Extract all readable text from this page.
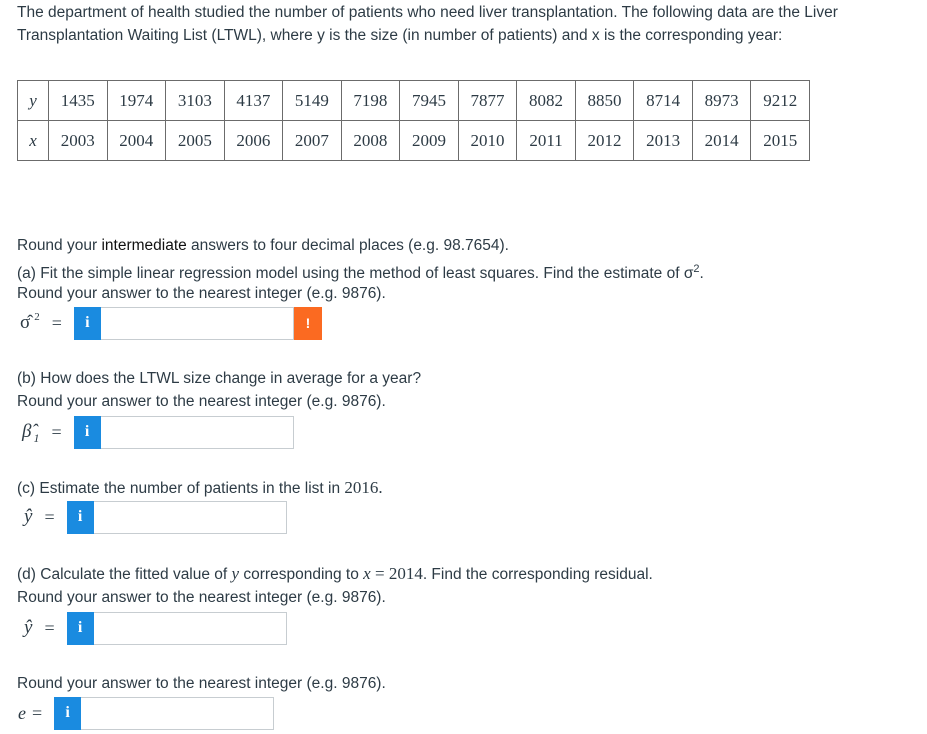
The department of health studied the number of patients who need liver transplantation. The following data are the Liver
Transplantation Waiting List (LTWL), where y is the size (in number of patients) and x is the corresponding year:
y	1435	1974	3103	4137	5149	7198	7945	7877	8082	8850	8714	8973	9212
x	2003	2004	2005	2006	2007	2008	2009	2010	2011	2012	2013	2014	2015
Round your intermediate answers to four decimal places (e.g. 98.7654).
(a) Fit the simple linear regression model using the method of least squares. Find the estimate of $\sigma^2$.
Round your answer to the nearest integer (e.g. 9876).
σ̂ $^2$ =	i	!
(b) How does the LTWL size change in average for a year?
Round your answer to the nearest integer (e.g. 9876).
β̂ 1 =	i
(c) Estimate the number of patients in the list in 2016.
ŷ =	i
(d) Calculate the fitted value of y corresponding to x = 2014. Find the corresponding residual.
Round your answer to the nearest integer (e.g. 9876).
ŷ =	i
Round your answer to the nearest integer (e.g. 9876).
e =	i
